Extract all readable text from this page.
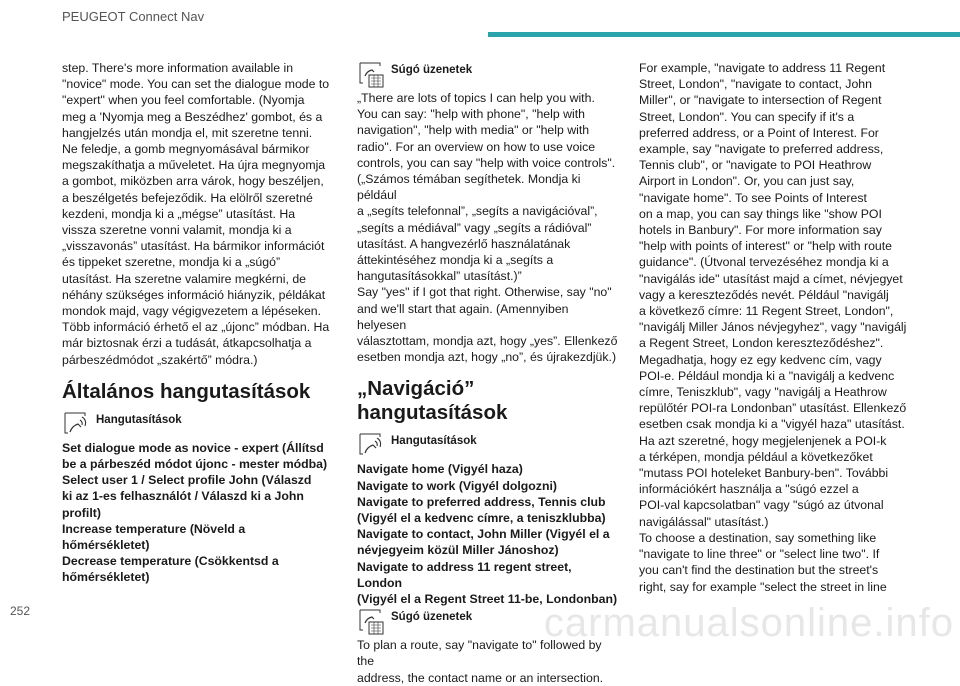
PEUGEOT Connect Nav

step. There's more information available in
"novice" mode. You can set the dialogue mode to
"expert" when you feel comfortable. (Nyomja
meg a 'Nyomja meg a Beszédhez' gombot, és a
hangjelzés után mondja el, mit szeretne tenni.
Ne feledje, a gomb megnyomásával bármikor
megszakíthatja a műveletet. Ha újra megnyomja
a gombot, miközben arra várok, hogy beszéljen,
a beszélgetés befejeződik. Ha elölről szeretné
kezdeni, mondja ki a „mégse” utasítást. Ha
vissza szeretne vonni valamit, mondja ki a
„visszavonás” utasítást. Ha bármikor információt
és tippeket szeretne, mondja ki a „súgó”
utasítást. Ha szeretne valamire megkérni, de
néhány szükséges információ hiányzik, példákat
mondok majd, vagy végigvezetem a lépéseken.
Több információ érhető el az „újonc” módban. Ha
már biztosnak érzi a tudását, átkapcsolhatja a
párbeszédmódot „szakértő” módra.)

Általános hangutasítások
Hangutasítások

Set dialogue mode as novice - expert (Állítsd
be a párbeszéd módot újonc - mester módba)
Select user 1 / Select profile John (Válaszd
ki az 1-es felhasználót / Válaszd ki a John
profilt)
Increase temperature (Növeld a
hőmérsékletet)
Decrease temperature (Csökkentsd a
hőmérsékletet)

Súgó üzenetek

„There are lots of topics I can help you with.
You can say: "help with phone", "help with
navigation", "help with media" or "help with
radio". For an overview on how to use voice
controls, you can say "help with voice controls".
(„Számos témában segíthetek. Mondja ki például
a „segíts telefonnal”, „segíts a navigációval”,
„segíts a médiával” vagy „segíts a rádióval”
utasítást. A hangvezérlő használatának
áttekintéséhez mondja ki a „segíts a
hangutasításokkal” utasítást.)”
Say "yes" if I got that right. Otherwise, say "no"
and we'll start that again. (Amennyiben helyesen
választottam, mondja azt, hogy „yes”. Ellenkező
esetben mondja azt, hogy „no”, és újrakezdjük.)

„Navigáció” hangutasítások
Hangutasítások

Navigate home (Vigyél haza)
Navigate to work (Vigyél dolgozni)
Navigate to preferred address, Tennis club
(Vigyél el a kedvenc címre, a teniszklubba)
Navigate to contact, John Miller (Vigyél el a
névjegyeim közül Miller Jánoshoz)
Navigate to address 11 regent street, London
(Vigyél el a Regent Street 11-be, Londonban)

Súgó üzenetek

To plan a route, say "navigate to" followed by the
address, the contact name or an intersection.

For example, "navigate to address 11 Regent
Street, London", "navigate to contact, John
Miller", or "navigate to intersection of Regent
Street, London". You can specify if it's a
preferred address, or a Point of Interest. For
example, say "navigate to preferred address,
Tennis club", or "navigate to POI Heathrow
Airport in London". Or, you can just say,
"navigate home". To see Points of Interest
on a map, you can say things like "show POI
hotels in Banbury". For more information say
"help with points of interest" or "help with route
guidance". (Útvonal tervezéséhez mondja ki a
"navigálás ide" utasítást majd a címet, névjegyet
vagy a kereszteződés nevét. Például "navigálj
a következő címre: 11 Regent Street, London",
"navigálj Miller János névjegyhez", vagy "navigálj
a Regent Street, London kereszteződéshez".
Megadhatja, hogy ez egy kedvenc cím, vagy
POI-e. Például mondja ki a "navigálj a kedvenc
címre, Teniszklub", vagy "navigálj a Heathrow
repülőtér POI-ra Londonban” utasítást. Ellenkező
esetben csak mondja ki a "vigyél haza" utasítást.
Ha azt szeretné, hogy megjelenjenek a POI-k
a térképen, mondja például a következőket
"mutass POI hoteleket Banbury-ben". További
információkért használja a "súgó ezzel a
POI-val kapcsolatban" vagy "súgó az útvonal
navigálással" utasítást.)
To choose a destination, say something like
"navigate to line three" or "select line two". If
you can't find the destination but the street's
right, say for example "select the street in line

252	carmanualsonline.info
